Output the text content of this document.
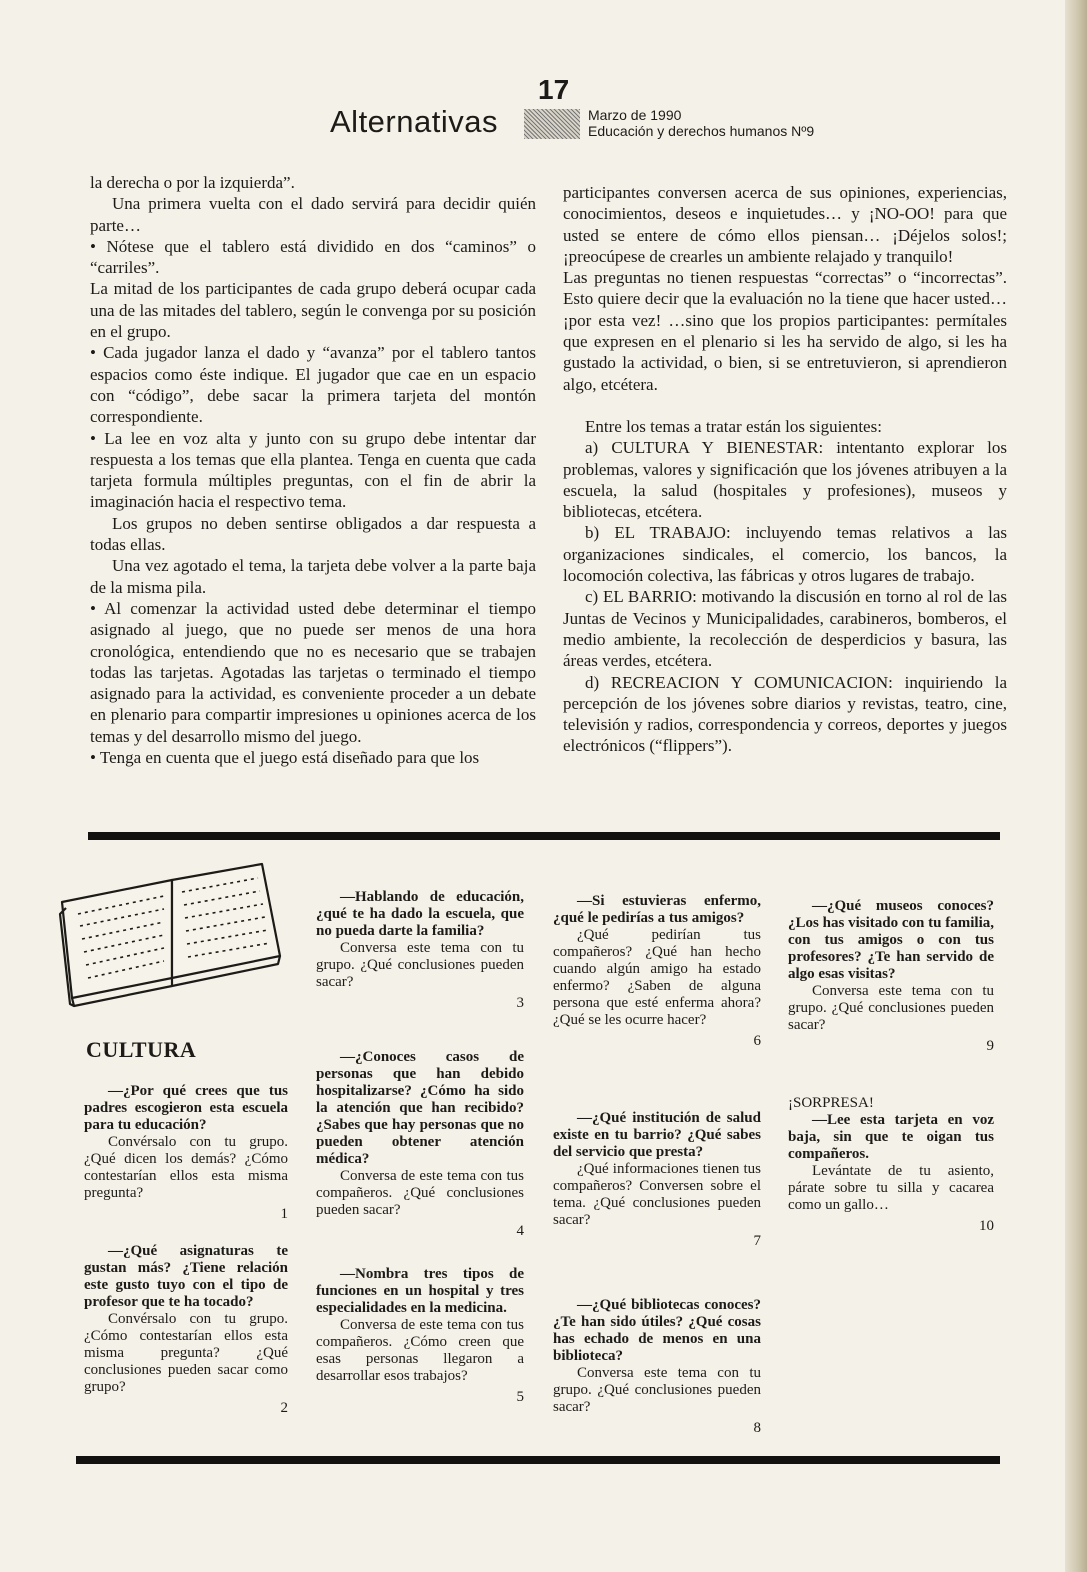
17
Alternativas	Marzo de 1990
Educación y derechos humanos Nº9

la derecha o por la izquierda”.

Una primera vuelta con el dado servirá para decidir quién parte…

• Nótese que el tablero está dividido en dos “caminos” o “carriles”.

La mitad de los participantes de cada grupo deberá ocupar cada una de las mitades del tablero, según le convenga por su posición en el grupo.

• Cada jugador lanza el dado y “avanza” por el tablero tantos espacios como éste indique. El jugador que cae en un espacio con “código”, debe sacar la primera tarjeta del montón correspondiente.

• La lee en voz alta y junto con su grupo debe intentar dar respuesta a los temas que ella plantea. Tenga en cuenta que cada tarjeta formula múltiples preguntas, con el fin de abrir la imaginación hacia el respectivo tema.

Los grupos no deben sentirse obligados a dar respuesta a todas ellas.

Una vez agotado el tema, la tarjeta debe volver a la parte baja de la misma pila.

• Al comenzar la actividad usted debe determinar el tiempo asignado al juego, que no puede ser menos de una hora cronológica, entendiendo que no es necesario que se trabajen todas las tarjetas. Agotadas las tarjetas o terminado el tiempo asignado para la actividad, es conveniente proceder a un debate en plenario para compartir impresiones u opiniones acerca de los temas y del desarrollo mismo del juego.

• Tenga en cuenta que el juego está diseñado para que los

participantes conversen acerca de sus opiniones, experiencias, conocimientos, deseos e inquietudes… y ¡NO-OO! para que usted se entere de cómo ellos piensan… ¡Déjelos solos!; ¡preocúpese de crearles un ambiente relajado y tranquilo!

Las preguntas no tienen respuestas “correctas” o “incorrectas”. Esto quiere decir que la evaluación no la tiene que hacer usted… ¡por esta vez! …sino que los propios participantes: permítales que expresen en el plenario si les ha servido de algo, si les ha gustado la actividad, o bien, si se entretuvieron, si aprendieron algo, etcétera.

Entre los temas a tratar están los siguientes:

a) CULTURA Y BIENESTAR: intentanto explorar los problemas, valores y significación que los jóvenes atribuyen a la escuela, la salud (hospitales y profesiones), museos y bibliotecas, etcétera.

b) EL TRABAJO: incluyendo temas relativos a las organizaciones sindicales, el comercio, los bancos, la locomoción colectiva, las fábricas y otros lugares de trabajo.

c) EL BARRIO: motivando la discusión en torno al rol de las Juntas de Vecinos y Municipalidades, carabineros, bomberos, el medio ambiente, la recolección de desperdicios y basura, las áreas verdes, etcétera.

d) RECREACION Y COMUNICACION: inquiriendo la percepción de los jóvenes sobre diarios y revistas, teatro, cine, televisión y radios, correspondencia y correos, deportes y juegos electrónicos (“flippers”).

CULTURA

—¿Por qué crees que tus padres escogieron esta escuela para tu educación?

Convérsalo con tu grupo. ¿Qué dicen los demás? ¿Cómo contestarían ellos esta misma pregunta?

1

—¿Qué asignaturas te gustan más? ¿Tiene relación este gusto tuyo con el tipo de profesor que te ha tocado?

Convérsalo con tu grupo. ¿Cómo contestarían ellos esta misma pregunta? ¿Qué conclusiones pueden sacar como grupo?

2

—Hablando de educación, ¿qué te ha dado la escuela, que no pueda darte la familia?

Conversa este tema con tu grupo. ¿Qué conclusiones pueden sacar?

3

—¿Conoces casos de personas que han debido hospitalizarse? ¿Cómo ha sido la atención que han recibido? ¿Sabes que hay personas que no pueden obtener atención médica?

Conversa de este tema con tus compañeros. ¿Qué conclusiones pueden sacar?

4

—Nombra tres tipos de funciones en un hospital y tres especialidades en la medicina.

Conversa de este tema con tus compañeros. ¿Cómo creen que esas personas llegaron a desarrollar esos trabajos?

5

—Si estuvieras enfermo, ¿qué le pedirías a tus amigos?

¿Qué pedirían tus compañeros? ¿Qué han hecho cuando algún amigo ha estado enfermo? ¿Saben de alguna persona que esté enferma ahora? ¿Qué se les ocurre hacer?

6

—¿Qué institución de salud existe en tu barrio? ¿Qué sabes del servicio que presta?

¿Qué informaciones tienen tus compañeros? Conversen sobre el tema. ¿Qué conclusiones pueden sacar?

7

—¿Qué bibliotecas conoces? ¿Te han sido útiles? ¿Qué cosas has echado de menos en una biblioteca?

Conversa este tema con tu grupo. ¿Qué conclusiones pueden sacar?

8

—¿Qué museos conoces? ¿Los has visitado con tu familia, con tus amigos o con tus profesores? ¿Te han servido de algo esas visitas?

Conversa este tema con tu grupo. ¿Qué conclusiones pueden sacar?

9

¡SORPRESA!

—Lee esta tarjeta en voz baja, sin que te oigan tus compañeros.

Levántate de tu asiento, párate sobre tu silla y cacarea como un gallo…

10
